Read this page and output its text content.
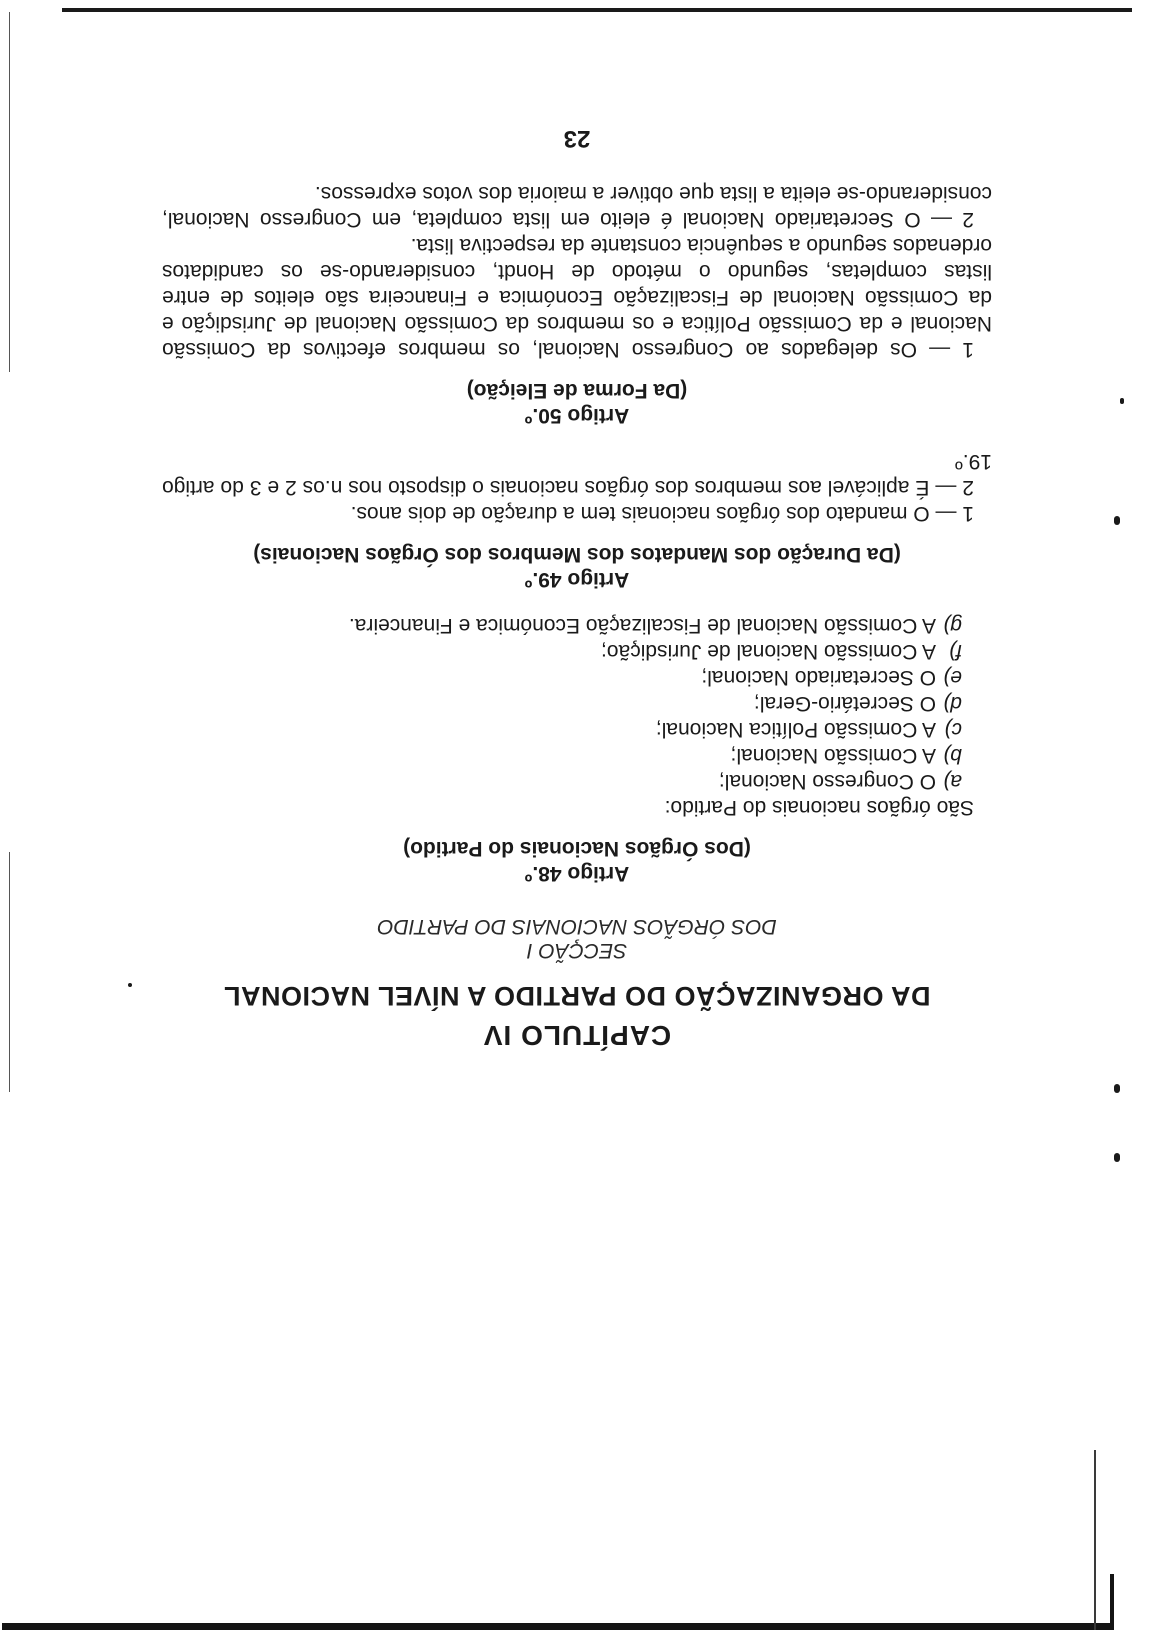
CAPÍTULO IV
DA ORGANIZAÇÃO DO PARTIDO A NÍVEL NACIONAL

SECÇÃO I

DOS ÓRGÃOS NACIONAIS DO PARTIDO

Artigo 48.º

(Dos Órgãos Nacionais do Partido)

São órgãos nacionais do Partido:

a)O Congresso Nacional;
b)A Comissão Nacional;
c)A Comissão Política Nacional;
d)O Secretário-Geral;
e)O Secretariado Nacional;
f)A Comissão Nacional de Jurisdição;
g)A Comissão Nacional de Fiscalização Económica e Financeira.

Artigo 49.º

(Da Duração dos Mandatos dos Membros dos Órgãos Nacionais)

1 — O mandato dos órgãos nacionais tem a duração de dois anos.

2 — É aplicável aos membros dos órgãos nacionais o disposto nos n.os 2 e 3 do artigo 19.º

Artigo 50.º

(Da Forma de Eleição)

1 — Os delegados ao Congresso Nacional, os membros efectivos da Comissão Nacional e da Comissão Política e os membros da Comissão Nacional de Jurisdição e da Comissão Nacional de Fiscalização Económica e Financeira são eleitos de entre listas completas, segundo o método de Hondt, considerando-se os candidatos ordenados segundo a sequência constante da respectiva lista.

2 — O Secretariado Nacional é eleito em lista completa, em Congresso Nacional, considerando-se eleita a lista que obtiver a maioria dos votos expressos.

23
